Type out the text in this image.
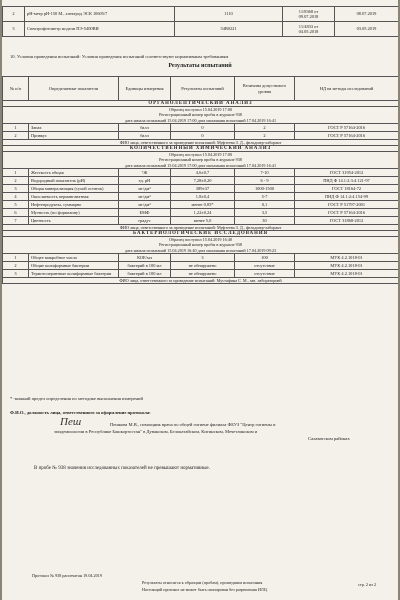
2	рН-метр рН-150 М., электрод ЭСК 10605/7	1110	11/8368 от
09.07.2018	08.07.2019
3	Спектрофотометр модели ПЭ-5400ВИ	54В0221	11/4833 от
04.05.2018	03.05.2019
10. Условия проведения испытаний: Условия проведения испытаний соответствуют нормативным требованиям
Результаты испытаний
№ п/п	Определяемые показатели	Единицы измерения	Результаты испытаний	Величина допустимого уровня	НД на методы исследований
ОРГАНОЛЕПТИЧЕСКИЙ АНАЛИЗ					
Образец поступил 15.04.2019 17:00					
Регистрационный номер пробы в журнале 938					
дата начала испытаний 15.04.2019 17:00 дата окончания испытаний 17.04.2019 16:41					
1	Запах	балл	0	2	ГОСТ Р 57164-2016
2	Привкус	балл	0	2	ГОСТ Р 57164-2016
ФИО лица, ответственного за проведение испытаний: Муфтеева З. Д., фельдшер-лаборант					
КОЛИЧЕСТВЕННЫЙ ХИМИЧЕСКИЙ АНАЛИЗ					
Образец поступил 15.04.2019 17:00					
Регистрационный номер пробы в журнале 938					
дата начала испытаний 15.04.2019 17:00 дата окончания испытаний 17.04.2019 16:41					
1	Жесткость общая	°Ж	4,6±0,7	7-10	ГОСТ 31954-2012
2	Водородный показатель (рН)	ед. рН	7,28±0,20	6 - 9	ПНД Ф 14.1:2:3:4.121-97
3	Общая минерализация (сухой остаток)	мг/дм³	389±37	1000-1500	ГОСТ 18164-72
4	Окисляемость перманганатная	мг/дм³	1,8±0,4	5-7	ПНД Ф 14.1:2:4.154-99
5	Нефтепродукты, суммарно	мг/дм³	менее 0,05*	0,1	ГОСТ Р 51797-2001
6	Мутность (по формазину)	ЕМФ	1,22±0,24	3,5	ГОСТ Р 57164-2016
7	Цветность	градус	менее 5,0	30	ГОСТ 31868-2012
ФИО лица, ответственного за проведение испытаний: Муфтеева З. Д., фельдшер-лаборант					
БАКТЕРИОЛОГИЧЕСКИЕ ИССЛЕДОВАНИЯ					
Образец поступил 15.04.2019 16:40					
Регистрационный номер пробы в журнале 938					
дата начала испытаний 15.04.2019 16:40 дата окончания испытаний 17.04.2019 09:23					
1	Общее микробное число	КОЕ/мл	3	100	МУК 4.2.1018-01
2	Общие колиформные бактерии	бактерий в 100 мл	не обнаружено	отсутствие	МУК 4.2.1018-01
3	Термотолерантные колиформные бактерии	бактерий в 100 мл	не обнаружено	отсутствие	МУК 4.2.1018-01
ФИО лица, ответственного за проведение испытаний: Мустафина С. М., зав. лабораторией					
* -нижний предел определения по методике выполнения измерений
Ф.И.О., должность лица, ответственного за оформление протокола:
Пеш	Пешкова М.В., помощник врача по общей гигиене филиала ФБУЗ "Центр гигиены и
эпидемиологии в Республике Башкортостан" в Дуванском, Белокатайском, Кигинском, Мечетлинском и
Салаватском районах
В пробе № 938 значения исследованных показателей не превышают нормативные.
Протокол № 938 распечатан 19.04.2019
Результаты относятся к образцам (пробам), прошедшим испытания
Настоящий протокол не может быть скопирован без разрешения ИЛЦ.
стр. 2 из 2
